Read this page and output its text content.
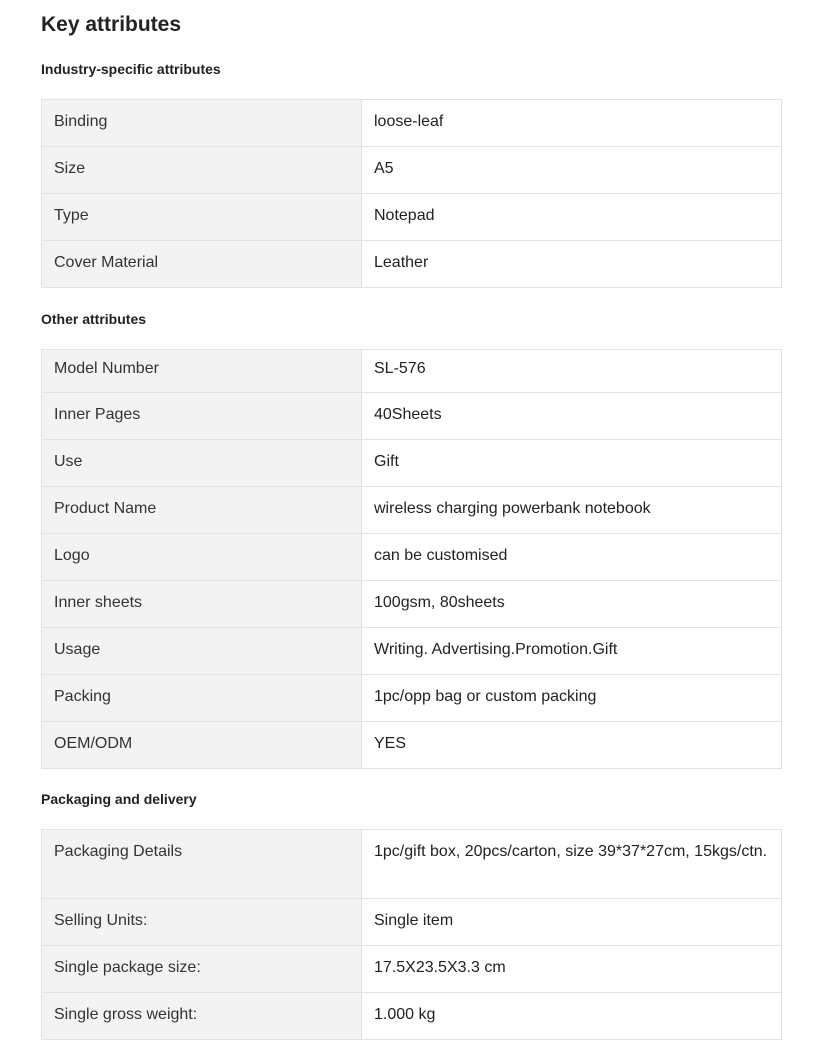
Key attributes
Industry-specific attributes
Binding	loose-leaf
Size	A5
Type	Notepad
Cover Material	Leather
Other attributes
Model Number	SL-576
Inner Pages	40Sheets
Use	Gift
Product Name	wireless charging powerbank notebook
Logo	can be customised
Inner sheets	100gsm, 80sheets
Usage	Writing. Advertising.Promotion.Gift
Packing	1pc/opp bag or custom packing
OEM/ODM	YES
Packaging and delivery
Packaging Details	1pc/gift box, 20pcs/carton, size 39*37*27cm, 15kgs/ctn.
Selling Units:	Single item
Single package size:	17.5X23.5X3.3 cm
Single gross weight:	1.000 kg
